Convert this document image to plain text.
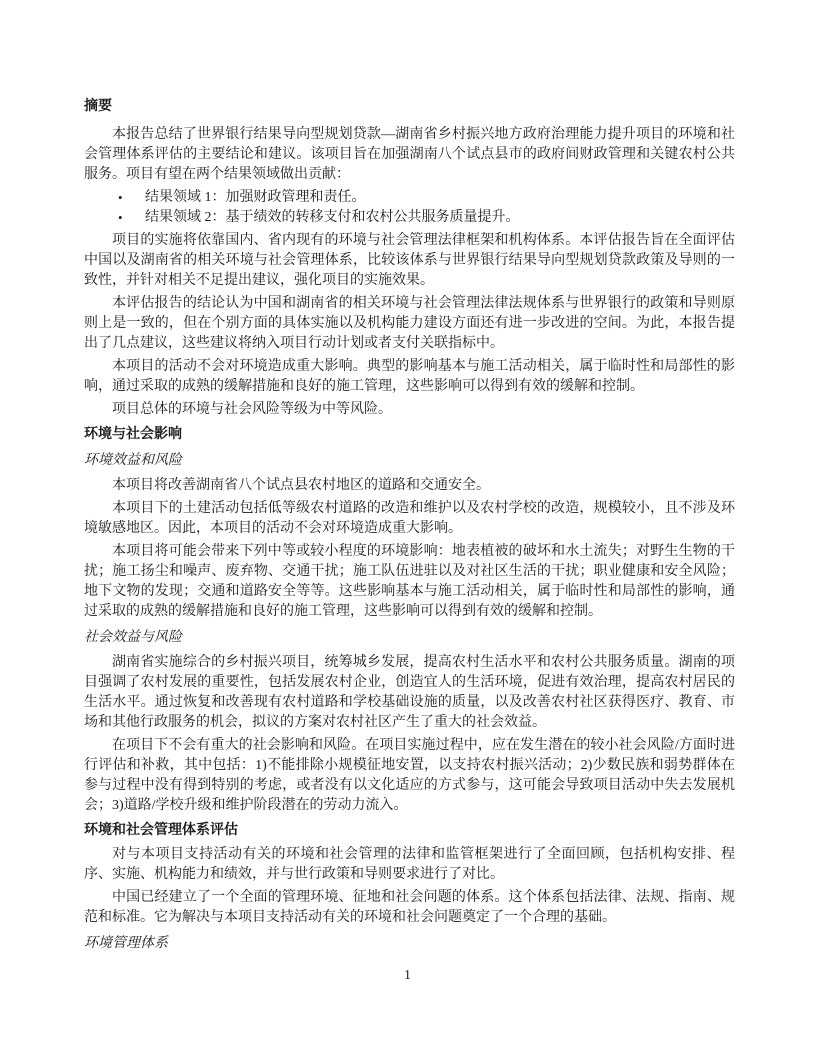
摘要

本报告总结了世界银行结果导向型规划贷款—湖南省乡村振兴地方政府治理能力提升项目的环境和社会管理体系评估的主要结论和建议。该项目旨在加强湖南八个试点县市的政府间财政管理和关键农村公共服务。项目有望在两个结果领域做出贡献：

•	结果领域 1：加强财政管理和责任。
•	结果领域 2：基于绩效的转移支付和农村公共服务质量提升。

项目的实施将依靠国内、省内现有的环境与社会管理法律框架和机构体系。本评估报告旨在全面评估中国以及湖南省的相关环境与社会管理体系，比较该体系与世界银行结果导向型规划贷款政策及导则的一致性，并针对相关不足提出建议，强化项目的实施效果。

本评估报告的结论认为中国和湖南省的相关环境与社会管理法律法规体系与世界银行的政策和导则原则上是一致的，但在个别方面的具体实施以及机构能力建设方面还有进一步改进的空间。为此，本报告提出了几点建议，这些建议将纳入项目行动计划或者支付关联指标中。

本项目的活动不会对环境造成重大影响。典型的影响基本与施工活动相关，属于临时性和局部性的影响，通过采取的成熟的缓解措施和良好的施工管理，这些影响可以得到有效的缓解和控制。

项目总体的环境与社会风险等级为中等风险。

环境与社会影响
环境效益和风险

本项目将改善湖南省八个试点县农村地区的道路和交通安全。

本项目下的土建活动包括低等级农村道路的改造和维护以及农村学校的改造，规模较小，且不涉及环境敏感地区。因此，本项目的活动不会对环境造成重大影响。

本项目将可能会带来下列中等或较小程度的环境影响：地表植被的破坏和水土流失；对野生生物的干扰；施工扬尘和噪声、废弃物、交通干扰；施工队伍进驻以及对社区生活的干扰；职业健康和安全风险；地下文物的发现；交通和道路安全等等。这些影响基本与施工活动相关，属于临时性和局部性的影响，通过采取的成熟的缓解措施和良好的施工管理，这些影响可以得到有效的缓解和控制。

社会效益与风险

湖南省实施综合的乡村振兴项目，统筹城乡发展，提高农村生活水平和农村公共服务质量。湖南的项目强调了农村发展的重要性，包括发展农村企业，创造宜人的生活环境，促进有效治理，提高农村居民的生活水平。通过恢复和改善现有农村道路和学校基础设施的质量，以及改善农村社区获得医疗、教育、市场和其他行政服务的机会，拟议的方案对农村社区产生了重大的社会效益。

在项目下不会有重大的社会影响和风险。在项目实施过程中，应在发生潜在的较小社会风险/方面时进行评估和补救，其中包括：1)不能排除小规模征地安置，以支持农村振兴活动；2)少数民族和弱势群体在参与过程中没有得到特别的考虑，或者没有以文化适应的方式参与，这可能会导致项目活动中失去发展机会；3)道路/学校升级和维护阶段潜在的劳动力流入。

环境和社会管理体系评估

对与本项目支持活动有关的环境和社会管理的法律和监管框架进行了全面回顾，包括机构安排、程序、实施、机构能力和绩效，并与世行政策和导则要求进行了对比。

中国已经建立了一个全面的管理环境、征地和社会问题的体系。这个体系包括法律、法规、指南、规范和标准。它为解决与本项目支持活动有关的环境和社会问题奠定了一个合理的基础。

环境管理体系
1
